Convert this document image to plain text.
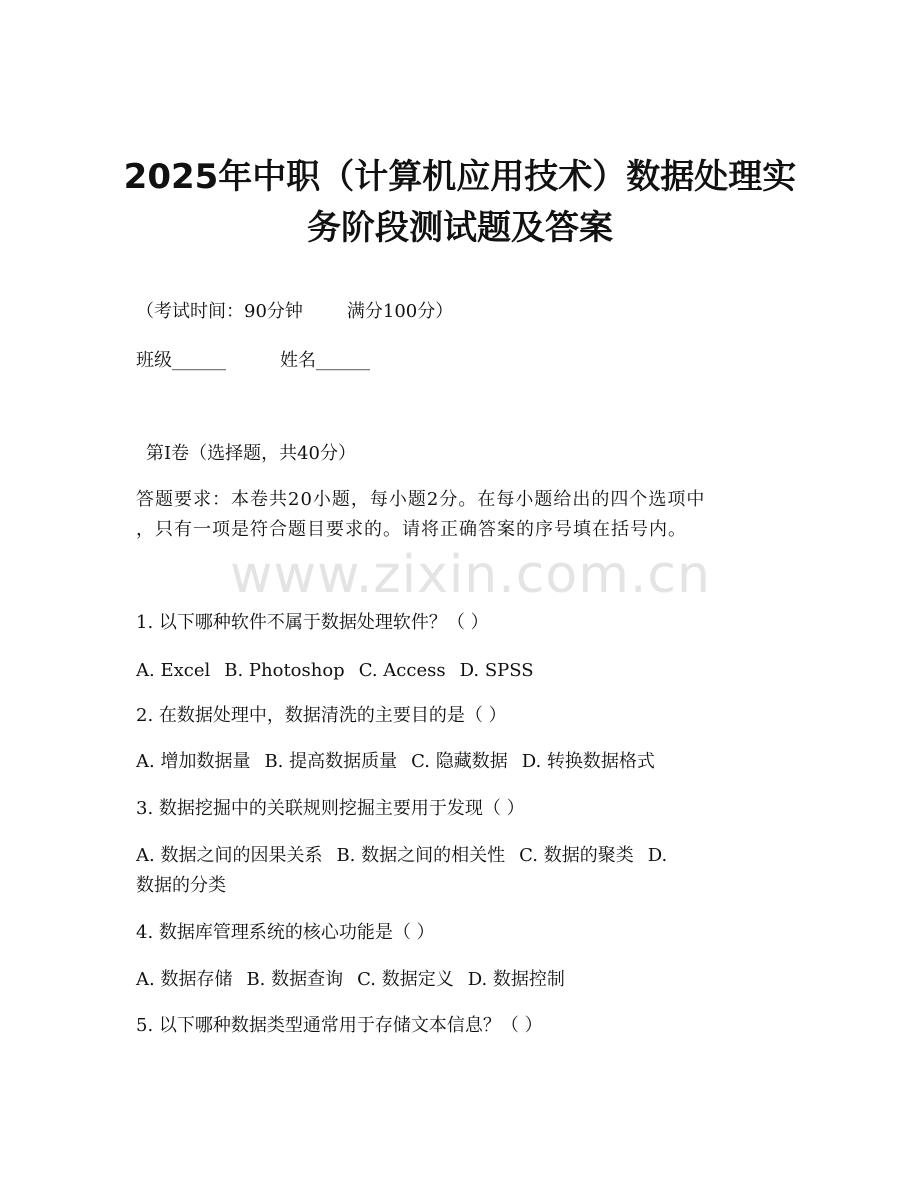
2025年中职（计算机应用技术）数据处理实
务阶段测试题及答案

（考试时间：90分钟 满分100分）

班级______	姓名______

第I卷（选择题，共40分）

答题要求：本卷共20小题，每小题2分。在每小题给出的四个选项中

，只有一项是符合题目要求的。请将正确答案的序号填在括号内。

www.zixin.com.cn

1. 以下哪种软件不属于数据处理软件？（ ）

A. Excel B. Photoshop C. Access D. SPSS

2. 在数据处理中，数据清洗的主要目的是（ ）

A. 增加数据量 B. 提高数据质量 C. 隐藏数据 D. 转换数据格式

3. 数据挖掘中的关联规则挖掘主要用于发现（ ）

A. 数据之间的因果关系 B. 数据之间的相关性 C. 数据的聚类 D.

数据的分类

4. 数据库管理系统的核心功能是（ ）

A. 数据存储 B. 数据查询 C. 数据定义 D. 数据控制

5. 以下哪种数据类型通常用于存储文本信息？（ ）
